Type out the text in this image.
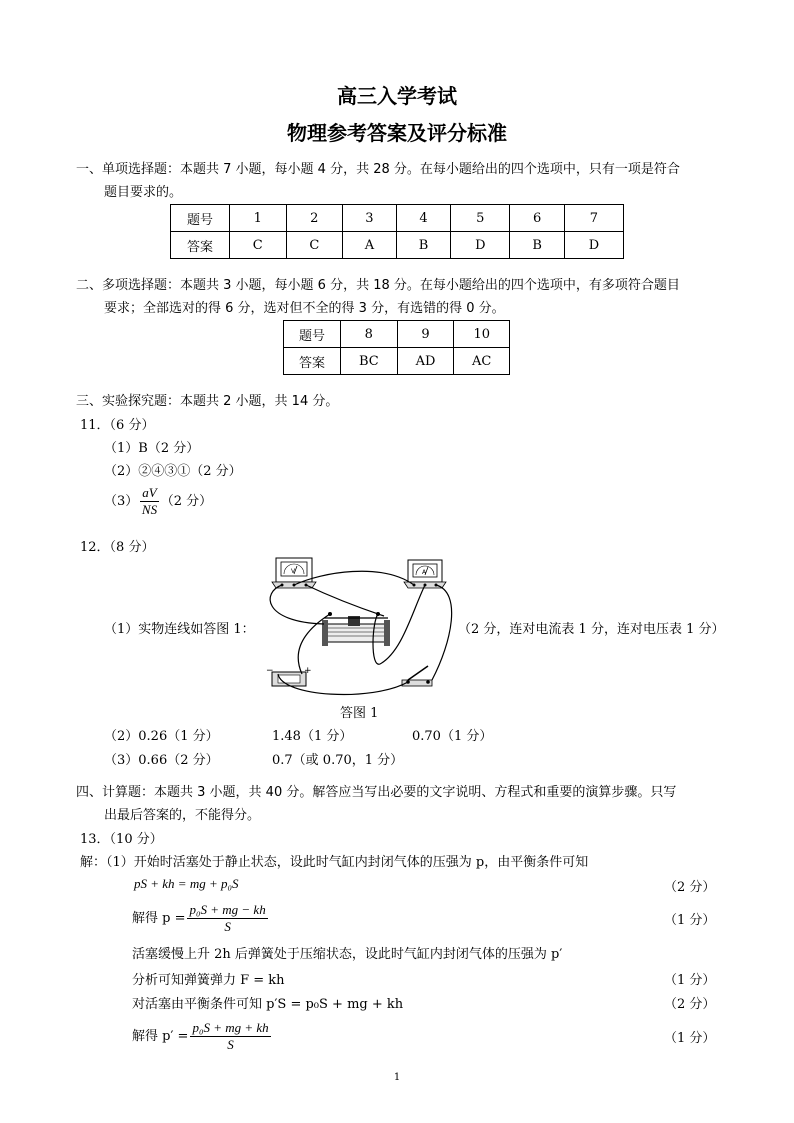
高三入学考试
物理参考答案及评分标准
一、单项选择题：本题共 7 小题，每小题 4 分，共 28 分。在每小题给出的四个选项中，只有一项是符合
题目要求的。
题号	1	2	3	4	5	6	7
答案	C	C	A	B	D	B	D
二、多项选择题：本题共 3 小题，每小题 6 分，共 18 分。在每小题给出的四个选项中，有多项符合题目
要求；全部选对的得 6 分，选对但不全的得 3 分，有选错的得 0 分。
题号	8	9	10
答案	BC	AD	AC
三、实验探究题：本题共 2 小题，共 14 分。
11．（6 分）
（1）B（2 分）
（2）②④③①（2 分）
$(3) \frac{aV}{NS} (2$ 分）
12．（8 分）
（1）实物连线如答图 1：	（2 分，连对电流表 1 分，连对电压表 1 分）
V	A
−	+
答图 1
（2）0.26（1 分）	1.48（1 分）	0.70（1 分）
（3）0.66（2 分）	0.7（或 0.70，1 分）
四、计算题：本题共 3 小题，共 40 分。解答应当写出必要的文字说明、方程式和重要的演算步骤。只写
出最后答案的，不能得分。
13．（10 分）
解：（1）开始时活塞处于静止状态，设此时气缸内封闭气体的压强为 p，由平衡条件可知
pS + kh = mg + p₀S	（2 分）
解得 $p = \frac{\text{p₀S + mg − kh}}{S}$	（1 分）
活塞缓慢上升 2h 后弹簧处于压缩状态，设此时气缸内封闭气体的压强为 p′
分析可知弹簧弹力 F = kh	（1 分）
对活塞由平衡条件可知 p′S = p₀S + mg + kh	（2 分）
解得 $p' = \frac{\text{p₀S + mg + kh}}{S}$	（1 分）
1
